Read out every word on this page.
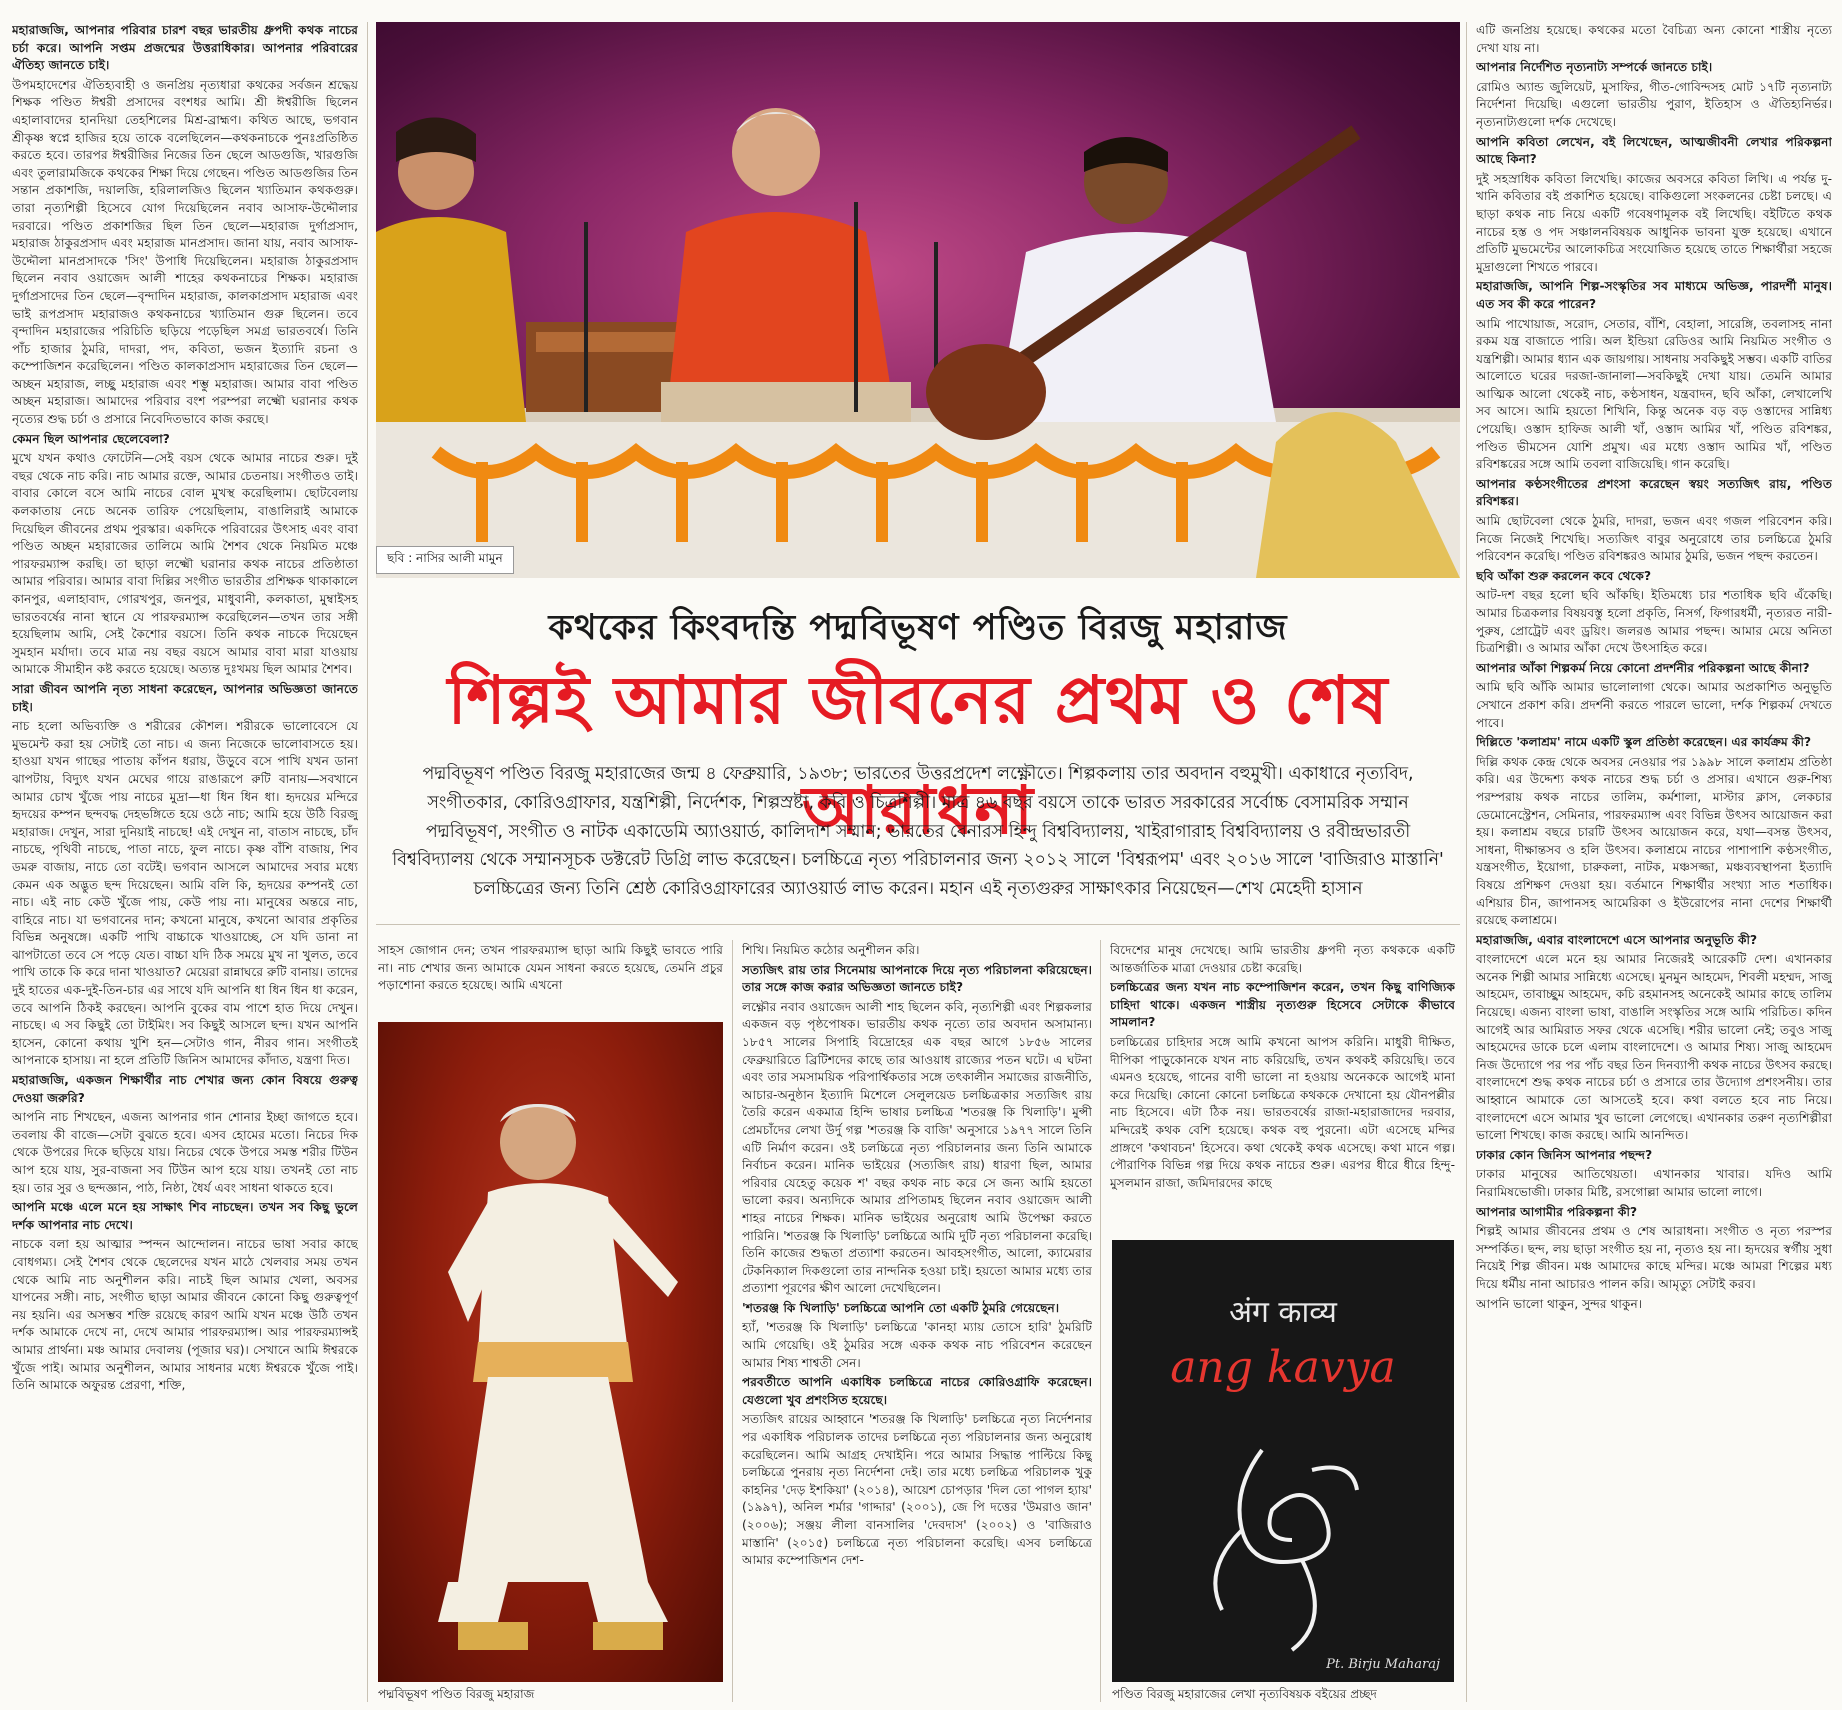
মহারাজজি, আপনার পরিবার চারশ বছর ভারতীয় ধ্রুপদী কথক নাচের চর্চা করে। আপনি সপ্তম প্রজন্মের উত্তরাধিকার। আপনার পরিবারের ঐতিহ্য জানতে চাই।

উপমহাদেশের ঐতিহ্যবাহী ও জনপ্রিয় নৃত্যধারা কথকের সর্বজন শ্রদ্ধেয় শিক্ষক পণ্ডিত ঈশ্বরী প্রসাদের বংশধর আমি। শ্রী ঈশ্বরীজি ছিলেন এহালাবাদের হানদিয়া তেহশিলের মিশ্র-ব্রাহ্মণ। কথিত আছে, ভগবান শ্রীকৃষ্ণ স্বপ্নে হাজির হয়ে তাকে বলেছিলেন—কথকনাচকে পুনঃপ্রতিষ্ঠিত করতে হবে। তারপর ঈশ্বরীজির নিজের তিন ছেলে আডগুজি, খারগুজি এবং তুলারামজিকে কথকের শিক্ষা দিয়ে গেছেন। পণ্ডিত আডগুজির তিন সন্তান প্রকাশজি, দয়ালজি, হরিলালজিও ছিলেন খ্যাতিমান কথকগুরু। তারা নৃত্যশিল্পী হিসেবে যোগ দিয়েছিলেন নবাব আসাফ-উদ্দৌলার দরবারে। পণ্ডিত প্রকাশজির ছিল তিন ছেলে—মহারাজ দুর্গাপ্রসাদ, মহারাজ ঠাকুরপ্রসাদ এবং মহারাজ মানপ্রসাদ। জানা যায়, নবাব আসাফ-উদ্দৌলা মানপ্রসাদকে 'সিং' উপাধি দিয়েছিলেন। মহারাজ ঠাকুরপ্রসাদ ছিলেন নবাব ওয়াজেদ আলী শাহের কথকনাচের শিক্ষক। মহারাজ দুর্গাপ্রসাদের তিন ছেলে—বৃন্দাদিন মহারাজ, কালকাপ্রসাদ মহারাজ এবং ভাই রূপপ্রসাদ মহারাজও কথকনাচের খ্যাতিমান গুরু ছিলেন। তবে বৃন্দাদিন মহারাজের পরিচিতি ছড়িয়ে পড়েছিল সমগ্র ভারতবর্ষে। তিনি পাঁচ হাজার ঠুমরি, দাদরা, পদ, কবিতা, ভজন ইত্যাদি রচনা ও কম্পোজিশন করেছিলেন। পণ্ডিত কালকাপ্রসাদ মহারাজের তিন ছেলে—অচ্ছন মহারাজ, লচ্ছু মহারাজ এবং শম্ভু মহারাজ। আমার বাবা পণ্ডিত অচ্ছন মহারাজ। আমাদের পরিবার বংশ পরম্পরা লক্ষ্মৌ ঘরানার কথক নৃত্যের শুদ্ধ চর্চা ও প্রসারে নিবেদিতভাবে কাজ করছে।

কেমন ছিল আপনার ছেলেবেলা?

মুখে যখন কথাও ফোটেনি—সেই বয়স থেকে আমার নাচের শুরু। দুই বছর থেকে নাচ করি। নাচ আমার রক্তে, আমার চেতনায়। সংগীতও তাই। বাবার কোলে বসে আমি নাচের বোল মুখস্থ করেছিলাম। ছোটবেলায় কলকাতায় নেচে অনেক তারিফ পেয়েছিলাম, বাঙালিরাই আমাকে দিয়েছিল জীবনের প্রথম পুরস্কার। একদিকে পরিবারের উৎসাহ এবং বাবা পণ্ডিত অচ্ছন মহারাজের তালিমে আমি শৈশব থেকে নিয়মিত মঞ্চে পারফরম্যান্স করছি। তা ছাড়া লক্ষ্মৌ ঘরানার কথক নাচের প্রতিষ্ঠাতা আমার পরিবার। আমার বাবা দিল্লির সংগীত ভারতীর প্রশিক্ষক থাকাকালে কানপুর, এলাহাবাদ, গোরখপুর, জনপুর, মাধুবানী, কলকাতা, মুম্বাইসহ ভারতবর্ষের নানা স্থানে যে পারফরম্যান্স করেছিলেন—তখন তার সঙ্গী হয়েছিলাম আমি, সেই কৈশোর বয়সে। তিনি কথক নাচকে দিয়েছেন সুমহান মর্যাদা। তবে মাত্র নয় বছর বয়সে আমার বাবা মারা যাওয়ায় আমাকে সীমাহীন কষ্ট করতে হয়েছে। অত্যন্ত দুঃখময় ছিল আমার শৈশব।

সারা জীবন আপনি নৃত্য সাধনা করেছেন, আপনার অভিজ্ঞতা জানতে চাই।

নাচ হলো অভিব্যক্তি ও শরীরের কৌশল। শরীরকে ভালোবেসে যে মুভমেন্ট করা হয় সেটাই তো নাচ। এ জন্য নিজেকে ভালোবাসতে হয়। হাওয়া যখন গাছের পাতায় কাঁপন ধরায়, উড়ুবে বসে পাখি যখন ডানা ঝাপটায়, বিদ্যুৎ যখন মেঘের গায়ে রাঙারূপে রুটি বানায়—সবখানে আমার চোখ খুঁজে পায় নাচের মুদ্রা—ধা ধিন ধিন ধা। হৃদয়ের মন্দিরে হৃদয়ের কম্পন ছন্দবদ্ধ দেহভঙ্গিতে হয়ে ওঠে নাচ; আমি হয়ে উঠি বিরজু মহারাজ। দেখুন, সারা দুনিয়াই নাচছে! এই দেখুন না, বাতাস নাচছে, চাঁদ নাচছে, পৃথিবী নাচছে, পাতা নাচে, ফুল নাচে। কৃষ্ণ বাঁশি বাজায়, শিব ডমরু বাজায়, নাচে তো বটেই। ভগবান আসলে আমাদের সবার মধ্যে কেমন এক অদ্ভুত ছন্দ দিয়েছেন। আমি বলি কি, হৃদয়ের কম্পনই তো নাচ। এই নাচ কেউ খুঁজে পায়, কেউ পায় না। মানুষের অন্তরে নাচ, বাহিরে নাচ। যা ভগবানের দান; কখনো মানুষে, কখনো আবার প্রকৃতির বিভিন্ন অনুষঙ্গে। একটি পাখি বাচ্চাকে খাওয়াচ্ছে, সে যদি ডানা না ঝাপটাতো তবে সে পড়ে যেত। বাচ্চা যদি ঠিক সময়ে মুখ না খুলত, তবে পাখি তাকে কি করে দানা খাওয়াত? মেয়েরা রান্নাঘরে রুটি বানায়। তাদের দুই হাতের এক-দুই-তিন-চার এর সাথে যদি আপনি ধা ধিন ধিন ধা করেন, তবে আপনি ঠিকই করছেন। আপনি বুকের বাম পাশে হাত দিয়ে দেখুন। নাচছে। এ সব কিছুই তো টাইমিং। সব কিছুই আসলে ছন্দ। যখন আপনি হাসেন, কোনো কথায় খুশি হন—সেটাও গান, নীরব গান। সংগীতই আপনাকে হাসায়। না হলে প্রতিটি জিনিস আমাদের কাঁদাত, যন্ত্রণা দিত।

মহারাজজি, একজন শিক্ষার্থীর নাচ শেখার জন্য কোন বিষয়ে গুরুত্ব দেওয়া জরুরি?

আপনি নাচ শিখছেন, এজন্য আপনার গান শোনার ইচ্ছা জাগতে হবে। তবলায় কী বাজে—সেটা বুঝতে হবে। এসব হোমের মতো। নিচের দিক থেকে উপরের দিকে ছড়িয়ে যায়। নিচের থেকে উপরে সমস্ত শরীর টিউন আপ হয়ে যায়, সুর-বাজনা সব টিউন আপ হয়ে যায়। তখনই তো নাচ হয়। তার সুর ও ছন্দজ্ঞান, পাঠ, নিষ্ঠা, ধৈর্য এবং সাধনা থাকতে হবে।

আপনি মঞ্চে এলে মনে হয় সাক্ষাৎ শিব নাচছেন। তখন সব কিছু ভুলে দর্শক আপনার নাচ দেখে।

নাচকে বলা হয় আত্মার স্পন্দন আন্দোলন। নাচের ভাষা সবার কাছে বোধগম্য। সেই শৈশব থেকে ছেলেদের যখন মাঠে খেলবার সময় তখন থেকে আমি নাচ অনুশীলন করি। নাচই ছিল আমার খেলা, অবসর যাপনের সঙ্গী। নাচ, সংগীত ছাড়া আমার জীবনে কোনো কিছু গুরুত্বপূর্ণ নয় হয়নি। এর অসম্ভব শক্তি রয়েছে কারণ আমি যখন মঞ্চে উঠি তখন দর্শক আমাকে দেখে না, দেখে আমার পারফরম্যান্স। আর পারফরম্যান্সই আমার প্রার্থনা। মঞ্চ আমার দেবালয় (পূজার ঘর)। সেখানে আমি ঈশ্বরকে খুঁজে পাই। আমার অনুশীলন, আমার সাধনার মধ্যে ঈশ্বরকে খুঁজে পাই। তিনি আমাকে অফুরন্ত প্রেরণা, শক্তি,

ছবি : নাসির আলী মামুন
কথকের কিংবদন্তি পদ্মবিভূষণ পণ্ডিত বিরজু মহারাজ
শিল্পই আমার জীবনের প্রথম ও শেষ আরাধনা
পদ্মবিভূষণ পণ্ডিত বিরজু মহারাজের জন্ম ৪ ফেব্রুয়ারি, ১৯৩৮; ভারতের উত্তরপ্রদেশ লক্ষ্ণৌতে। শিল্পকলায় তার অবদান বহুমুখী। একাধারে নৃত্যবিদ, সংগীতকার, কোরিওগ্রাফার, যন্ত্রশিল্পী, নির্দেশক, শিল্পস্রষ্টা, কবি ও চিত্রশিল্পী। মাত্র ৪৬ বছর বয়সে তাকে ভারত সরকারের সর্বোচ্চ বেসামরিক সম্মান পদ্মবিভূষণ, সংগীত ও নাটক একাডেমি অ্যাওয়ার্ড, কালিদাশ সম্মান; ভারতের বেনারস হিন্দু বিশ্ববিদ্যালয়, খাইরাগারাহ বিশ্ববিদ্যালয় ও রবীন্দ্রভারতী বিশ্ববিদ্যালয় থেকে সম্মানসূচক ডক্টরেট ডিগ্রি লাভ করেছেন। চলচ্চিত্রে নৃত্য পরিচালনার জন্য ২০১২ সালে 'বিশ্বরূপম' এবং ২০১৬ সালে 'বাজিরাও মাস্তানি' চলচ্চিত্রের জন্য তিনি শ্রেষ্ঠ কোরিওগ্রাফারের অ্যাওয়ার্ড লাভ করেন। মহান এই নৃত্যগুরুর সাক্ষাৎকার নিয়েছেন—শেখ মেহেদী হাসান

সাহস জোগান দেন; তখন পারফরম্যান্স ছাড়া আমি কিছুই ভাবতে পারি না। নাচ শেখার জন্য আমাকে যেমন সাধনা করতে হয়েছে, তেমনি প্রচুর পড়াশোনা করতে হয়েছে। আমি এখনো

পদ্মবিভূষণ পণ্ডিত বিরজু মহারাজ

শিখি। নিয়মিত কঠোর অনুশীলন করি।

সত্যজিৎ রায় তার সিনেমায় আপনাকে দিয়ে নৃত্য পরিচালনা করিয়েছেন। তার সঙ্গে কাজ করার অভিজ্ঞতা জানতে চাই?

লক্ষ্ণৌর নবাব ওয়াজেদ আলী শাহ ছিলেন কবি, নৃত্যশিল্পী এবং শিল্পকলার একজন বড় পৃষ্ঠপোষক। ভারতীয় কথক নৃত্যে তার অবদান অসামান্য। ১৮৫৭ সালের সিপাহি বিদ্রোহের এক বছর আগে ১৮৫৬ সালের ফেব্রুয়ারিতে ব্রিটিশদের কাছে তার আওয়াধ রাজ্যের পতন ঘটে। এ ঘটনা এবং তার সমসাময়িক পরিপার্শ্বিকতার সঙ্গে তৎকালীন সমাজের রাজনীতি, আচার-অনুষ্ঠান ইত্যাদি মিশেলে সেলুলয়েড চলচ্চিত্রকার সত্যজিৎ রায় তৈরি করেন একমাত্র হিন্দি ভাষার চলচ্চিত্র 'শতরঞ্জ কি খিলাড়ি'। মুন্সী প্রেমচাঁদের লেখা উর্দু গল্প 'শতরঞ্জ কি বাজি' অনুসারে ১৯৭৭ সালে তিনি এটি নির্মাণ করেন। ওই চলচ্চিত্রে নৃত্য পরিচালনার জন্য তিনি আমাকে নির্বাচন করেন। মানিক ভাইয়ের (সত্যজিৎ রায়) ধারণা ছিল, আমার পরিবার যেহেতু কয়েক শ' বছর কথক নাচ করে সে জন্য আমি হয়তো ভালো করব। অন্যদিকে আমার প্রপিতামহ ছিলেন নবাব ওয়াজেদ আলী শাহর নাচের শিক্ষক। মানিক ভাইয়ের অনুরোধ আমি উপেক্ষা করতে পারিনি। 'শতরঞ্জ কি খিলাড়ি' চলচ্চিত্রে আমি দুটি নৃত্য পরিচালনা করেছি। তিনি কাজের শুদ্ধতা প্রত্যাশা করতেন। আবহসংগীত, আলো, ক্যামেরার টেকনিক্যাল দিকগুলো তার নান্দনিক হওয়া চাই। হয়তো আমার মধ্যে তার প্রত্যাশা পূরণের ক্ষীণ আলো দেখেছিলেন।

'শতরঞ্জ কি খিলাড়ি' চলচ্চিত্রে আপনি তো একটি ঠুমরি গেয়েছেন।

হ্যাঁ, 'শতরঞ্জ কি খিলাড়ি' চলচ্চিত্রে 'কানহা ম্যায় তোসে হারি' ঠুমরিটি আমি গেয়েছি। ওই ঠুমরির সঙ্গে একক কথক নাচ পরিবেশন করেছেন আমার শিষ্য শাশ্বতী সেন।

পরবর্তীতে আপনি একাধিক চলচ্চিত্রে নাচের কোরিওগ্রাফি করেছেন। যেগুলো খুব প্রশংসিত হয়েছে।

সত্যজিৎ রায়ের আহ্বানে 'শতরঞ্জ কি খিলাড়ি' চলচ্চিত্রে নৃত্য নির্দেশনার পর একাধিক পরিচালক তাদের চলচ্চিত্রে নৃত্য পরিচালনার জন্য অনুরোধ করেছিলেন। আমি আগ্রহ দেখাইনি। পরে আমার সিদ্ধান্ত পাল্টিয়ে কিছু চলচ্চিত্রে পুনরায় নৃত্য নির্দেশনা দেই। তার মধ্যে চলচ্চিত্র পরিচালক খুকু কাহনির 'দেড় ইশকিয়া' (২০১৪), আয়েশ চোপড়ার 'দিল তো পাগল হ্যায়' (১৯৯৭), অনিল শর্মার 'গাদ্দার' (২০০১), জে পি দত্তের 'উমরাও জান' (২০০৬); সঞ্জয় লীলা বানসালির 'দেবদাস' (২০০২) ও 'বাজিরাও মাস্তানি' (২০১৫) চলচ্চিত্রে নৃত্য পরিচালনা করেছি। এসব চলচ্চিত্রে আমার কম্পোজিশন দেশ-

বিদেশের মানুষ দেখেছে। আমি ভারতীয় ধ্রুপদী নৃত্য কথককে একটি আন্তর্জাতিক মাত্রা দেওয়ার চেষ্টা করেছি।

চলচ্চিত্রের জন্য যখন নাচ কম্পোজিশন করেন, তখন কিছু বাণিজ্যিক চাহিদা থাকে। একজন শাস্ত্রীয় নৃত্যগুরু হিসেবে সেটাকে কীভাবে সামলান?

চলচ্চিত্রের চাহিদার সঙ্গে আমি কখনো আপস করিনি। মাধুরী দীক্ষিত, দীপিকা পাড়ুকোনকে যখন নাচ করিয়েছি, তখন কথকই করিয়েছি। তবে এমনও হয়েছে, গানের বাণী ভালো না হওয়ায় অনেককে আগেই মানা করে দিয়েছি। কোনো কোনো চলচ্চিত্রে কথককে দেখানো হয় যৌনপল্লীর নাচ হিসেবে। এটা ঠিক নয়। ভারতবর্ষের রাজা-মহারাজাদের দরবার, মন্দিরেই কথক বেশি হয়েছে। কথক বহু পুরনো। এটা এসেছে মন্দির প্রাঙ্গণে 'কথাবচন' হিসেবে। কথা থেকেই কথক এসেছে। কথা মানে গল্প। পৌরাণিক বিভিন্ন গল্প দিয়ে কথক নাচের শুরু। এরপর ধীরে ধীরে হিন্দু-মুসলমান রাজা, জমিদারদের কাছে

अंग काव्य
ang kavya
Pt. Birju Maharaj
পণ্ডিত বিরজু মহারাজের লেখা নৃত্যবিষয়ক বইয়ের প্রচ্ছদ

এটি জনপ্রিয় হয়েছে। কথকের মতো বৈচিত্র্য অন্য কোনো শাস্ত্রীয় নৃত্যে দেখা যায় না।

আপনার নির্দেশিত নৃত্যনাট্য সম্পর্কে জানতে চাই।

রোমিও অ্যান্ড জুলিয়েট, মুসাফির, গীত-গোবিন্দসহ মোট ১৭টি নৃত্যনাট্য নির্দেশনা দিয়েছি। এগুলো ভারতীয় পুরাণ, ইতিহাস ও ঐতিহ্যনির্ভর। নৃত্যনাট্যগুলো দর্শক দেখেছে।

আপনি কবিতা লেখেন, বই লিখেছেন, আত্মজীবনী লেখার পরিকল্পনা আছে কিনা?

দুই সহস্রাধিক কবিতা লিখেছি। কাজের অবসরে কবিতা লিখি। এ পর্যন্ত দু-খানি কবিতার বই প্রকাশিত হয়েছে। বাকিগুলো সংকলনের চেষ্টা চলছে। এ ছাড়া কথক নাচ নিয়ে একটি গবেষণামূলক বই লিখেছি। বইটিতে কথক নাচের হস্ত ও পদ সঞ্চালনবিষয়ক আধুনিক ভাবনা যুক্ত হয়েছে। এখানে প্রতিটি মুভমেন্টের আলোকচিত্র সংযোজিত হয়েছে তাতে শিক্ষার্থীরা সহজে মুদ্রাগুলো শিখতে পারবে।

মহারাজজি, আপনি শিল্প-সংস্কৃতির সব মাধ্যমে অভিজ্ঞ, পারদর্শী মানুষ। এত সব কী করে পারেন?

আমি পাখোয়াজ, সরোদ, সেতার, বাঁশি, বেহালা, সারেঙ্গি, তবলাসহ নানা রকম যন্ত্র বাজাতে পারি। অল ইন্ডিয়া রেডিওর আমি নিয়মিত সংগীত ও যন্ত্রশিল্পী। আমার ধ্যান এক জায়গায়। সাধনায় সবকিছুই সম্ভব। একটি বাতির আলোতে ঘরের দরজা-জানালা—সবকিছুই দেখা যায়। তেমনি আমার আত্মিক আলো থেকেই নাচ, কণ্ঠসাধন, যন্ত্রবাদন, ছবি আঁকা, লেখালেখি সব আসে। আমি হয়তো শিখিনি, কিন্তু অনেক বড় বড় ওস্তাদের সান্নিধ্য পেয়েছি। ওস্তাদ হাফিজ আলী খাঁ, ওস্তাদ আমির খাঁ, পণ্ডিত রবিশঙ্কর, পণ্ডিত ভীমসেন যোশি প্রমুখ। এর মধ্যে ওস্তাদ আমির খাঁ, পণ্ডিত রবিশঙ্করের সঙ্গে আমি তবলা বাজিয়েছি। গান করেছি।

আপনার কণ্ঠসংগীতের প্রশংসা করেছেন স্বয়ং সত্যজিৎ রায়, পণ্ডিত রবিশঙ্কর।

আমি ছোটবেলা থেকে ঠুমরি, দাদরা, ভজন এবং গজল পরিবেশন করি। নিজে নিজেই শিখেছি। সত্যজিৎ বাবুর অনুরোধে তার চলচ্চিত্রে ঠুমরি পরিবেশন করেছি। পণ্ডিত রবিশঙ্করও আমার ঠুমরি, ভজন পছন্দ করতেন।

ছবি আঁকা শুরু করলেন কবে থেকে?

আট-দশ বছর হলো ছবি আঁকছি। ইতিমধ্যে চার শতাধিক ছবি এঁকেছি। আমার চিত্রকলার বিষয়বস্তু হলো প্রকৃতি, নিসর্গ, ফিগারধর্মী, নৃত্যরত নারী-পুরুষ, প্রোট্রেট এবং ড্রয়িং। জলরঙ আমার পছন্দ। আমার মেয়ে অনিতা চিত্রশিল্পী। ও আমার আঁকা দেখে উৎসাহিত করে।

আপনার আঁকা শিল্পকর্ম নিয়ে কোনো প্রদর্শনীর পরিকল্পনা আছে কীনা?

আমি ছবি আঁকি আমার ভালোলাগা থেকে। আমার অপ্রকাশিত অনুভূতি সেখানে প্রকাশ করি। প্রদর্শনী করতে পারলে ভালো, দর্শক শিল্পকর্ম দেখতে পাবে।

দিল্লিতে 'কলাশ্রম' নামে একটি স্কুল প্রতিষ্ঠা করেছেন। এর কার্যক্রম কী?

দিল্লি কথক কেন্দ্র থেকে অবসর নেওয়ার পর ১৯৯৮ সালে কলাশ্রম প্রতিষ্ঠা করি। এর উদ্দেশ্য কথক নাচের শুদ্ধ চর্চা ও প্রসার। এখানে গুরু-শিষ্য পরম্পরায় কথক নাচের তালিম, কর্মশালা, মাস্টার ক্লাস, লেকচার ডেমোনেস্ট্রেশন, সেমিনার, পারফরম্যান্স এবং বিভিন্ন উৎসব আয়োজন করা হয়। কলাশ্রম বছরে চারটি উৎসব আয়োজন করে, যথা—বসন্ত উৎসব, সাধনা, দীক্ষান্তসব ও হলি উৎসব। কলাশ্রমে নাচের পাশাপাশি কণ্ঠসংগীত, যন্ত্রসংগীত, ইয়োগা, চারুকলা, নাটক, মঞ্চসজ্জা, মঞ্চব্যবস্থাপনা ইত্যাদি বিষয়ে প্রশিক্ষণ দেওয়া হয়। বর্তমানে শিক্ষার্থীর সংখ্যা সাত শতাধিক। এশিয়ার চীন, জাপানসহ আমেরিকা ও ইউরোপের নানা দেশের শিক্ষার্থী রয়েছে কলাশ্রমে।

মহারাজজি, এবার বাংলাদেশে এসে আপনার অনুভূতি কী?

বাংলাদেশে এলে মনে হয় আমার নিজেরই আরেকটি দেশ। এখানকার অনেক শিল্পী আমার সান্নিধ্যে এসেছে। মুনমুন আহমেদ, শিবলী মহম্মদ, সাজু আহমেদ, তাবাচ্ছুম আহমেদ, কচি রহমানসহ অনেকেই আমার কাছে তালিম নিয়েছে। এজন্য বাংলা ভাষা, বাঙালি সংস্কৃতির সঙ্গে আমি পরিচিত। কদিন আগেই আর আমিরাত সফর থেকে এসেছি। শরীর ভালো নেই; তবুও সাজু আহমেদের ডাকে চলে এলাম বাংলাদেশে। ও আমার শিষ্য। সাজু আহমেদ নিজ উদ্যোগে পর পর পাঁচ বছর তিন দিনব্যাপী কথক নাচের উৎসব করছে। বাংলাদেশে শুদ্ধ কথক নাচের চর্চা ও প্রসারে তার উদ্যোগ প্রশংসনীয়। তার আহ্বানে আমাকে তো আসতেই হবে। কথা বলতে হবে নাচ নিয়ে। বাংলাদেশে এসে আমার খুব ভালো লেগেছে। এখানকার তরুণ নৃত্যশিল্পীরা ভালো শিখছে। কাজ করছে। আমি আনন্দিত।

ঢাকার কোন জিনিস আপনার পছন্দ?

ঢাকার মানুষের আতিথেয়তা। এখানকার খাবার। যদিও আমি নিরামিষভোজী। ঢাকার মিষ্টি, রসগোল্লা আমার ভালো লাগে।

আপনার আগামীর পরিকল্পনা কী?

শিল্পই আমার জীবনের প্রথম ও শেষ আরাধনা। সংগীত ও নৃত্য পরস্পর সম্পর্কিত। ছন্দ, লয় ছাড়া সংগীত হয় না, নৃত্যও হয় না। হৃদয়ের স্বর্গীয় সুধা নিয়েই শিল্প জীবন। মঞ্চ আমাদের কাছে মন্দির। মঞ্চে আমরা শিল্পের মধ্য দিয়ে ধর্মীয় নানা আচারও পালন করি। আমৃত্যু সেটাই করব।

আপনি ভালো থাকুন, সুন্দর থাকুন।
